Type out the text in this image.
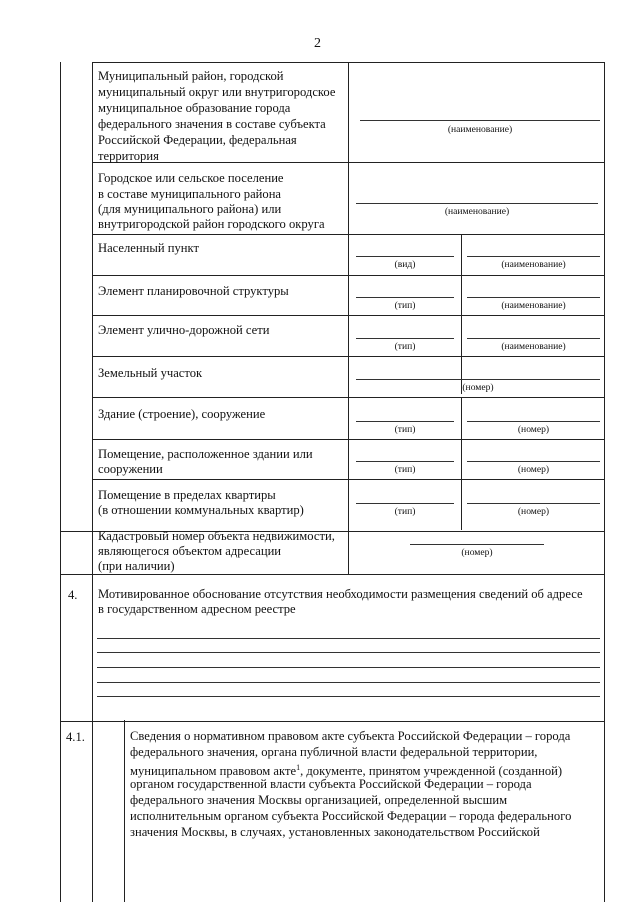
2
Муниципальный район, городской
муниципальный округ или внутригородское
муниципальное образование города
федерального значения в составе субъекта
Российской Федерации, федеральная
территория
(наименование)
Городское или сельское поселение
в составе муниципального района
(для муниципального района) или
внутригородской район городского округа
(наименование)
Населенный пункт
(вид)	(наименование)
Элемент планировочной структуры
(тип)	(наименование)
Элемент улично-дорожной сети
(тип)	(наименование)
Земельный участок
(номер)
Здание (строение), сооружение
(тип)	(номер)
Помещение, расположенное здании или
сооружении	(тип)	(номер)
Помещение в пределах квартиры
(в отношении коммунальных квартир)	(тип)	(номер)
Кадастровый номер объекта недвижимости,
являющегося объектом адресации
(при наличии)
(номер)
4. Мотивированное обоснование отсутствия необходимости размещения сведений об адресе
в государственном адресном реестре
4.1.	Сведения о нормативном правовом акте субъекта Российской Федерации – города
федерального значения, органа публичной власти федеральной территории,
муниципальном правовом акте$^1$, документе, принятом учрежденной (созданной)
органом государственной власти субъекта Российской Федерации – города
федерального значения Москвы организацией, определенной высшим
исполнительным органом субъекта Российской Федерации – города федерального
значения Москвы, в случаях, установленных законодательством Российской
